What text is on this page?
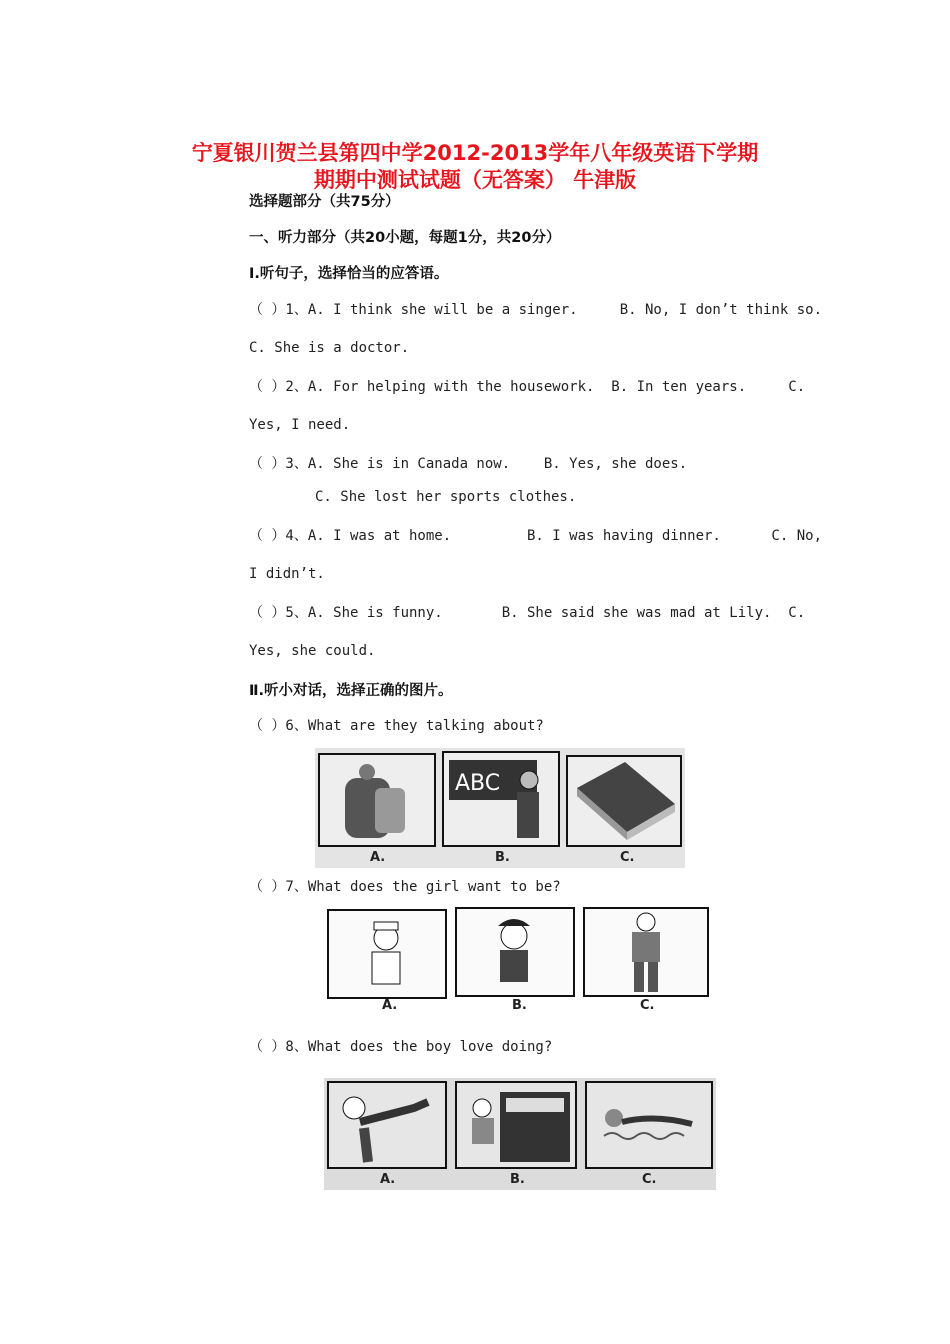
宁夏银川贺兰县第四中学2012-2013学年八年级英语下学期
期期中测试试题（无答案） 牛津版
选择题部分（共75分）
一、听力部分（共20小题，每题1分，共20分）
Ⅰ.听句子，选择恰当的应答语。
（ ）1、A. I think she will be a singer.     B. No, I don’t think so.
C. She is a doctor.
（ ）2、A. For helping with the housework.  B. In ten years.     C.
Yes, I need.
（ ）3、A. She is in Canada now.    B. Yes, she does.
C. She lost her sports clothes.
（ ）4、A. I was at home.         B. I was having dinner.      C. No,
I didn’t.
（ ）5、A. She is funny.       B. She said she was mad at Lily.  C.
Yes, she could.
Ⅱ.听小对话，选择正确的图片。
（ ）6、What are they talking about?
ABC
A.	B.	C.
（ ）7、What does the girl want to be?
A.	B.	C.
（ ）8、What does the boy love doing?
A.	B.	C.
